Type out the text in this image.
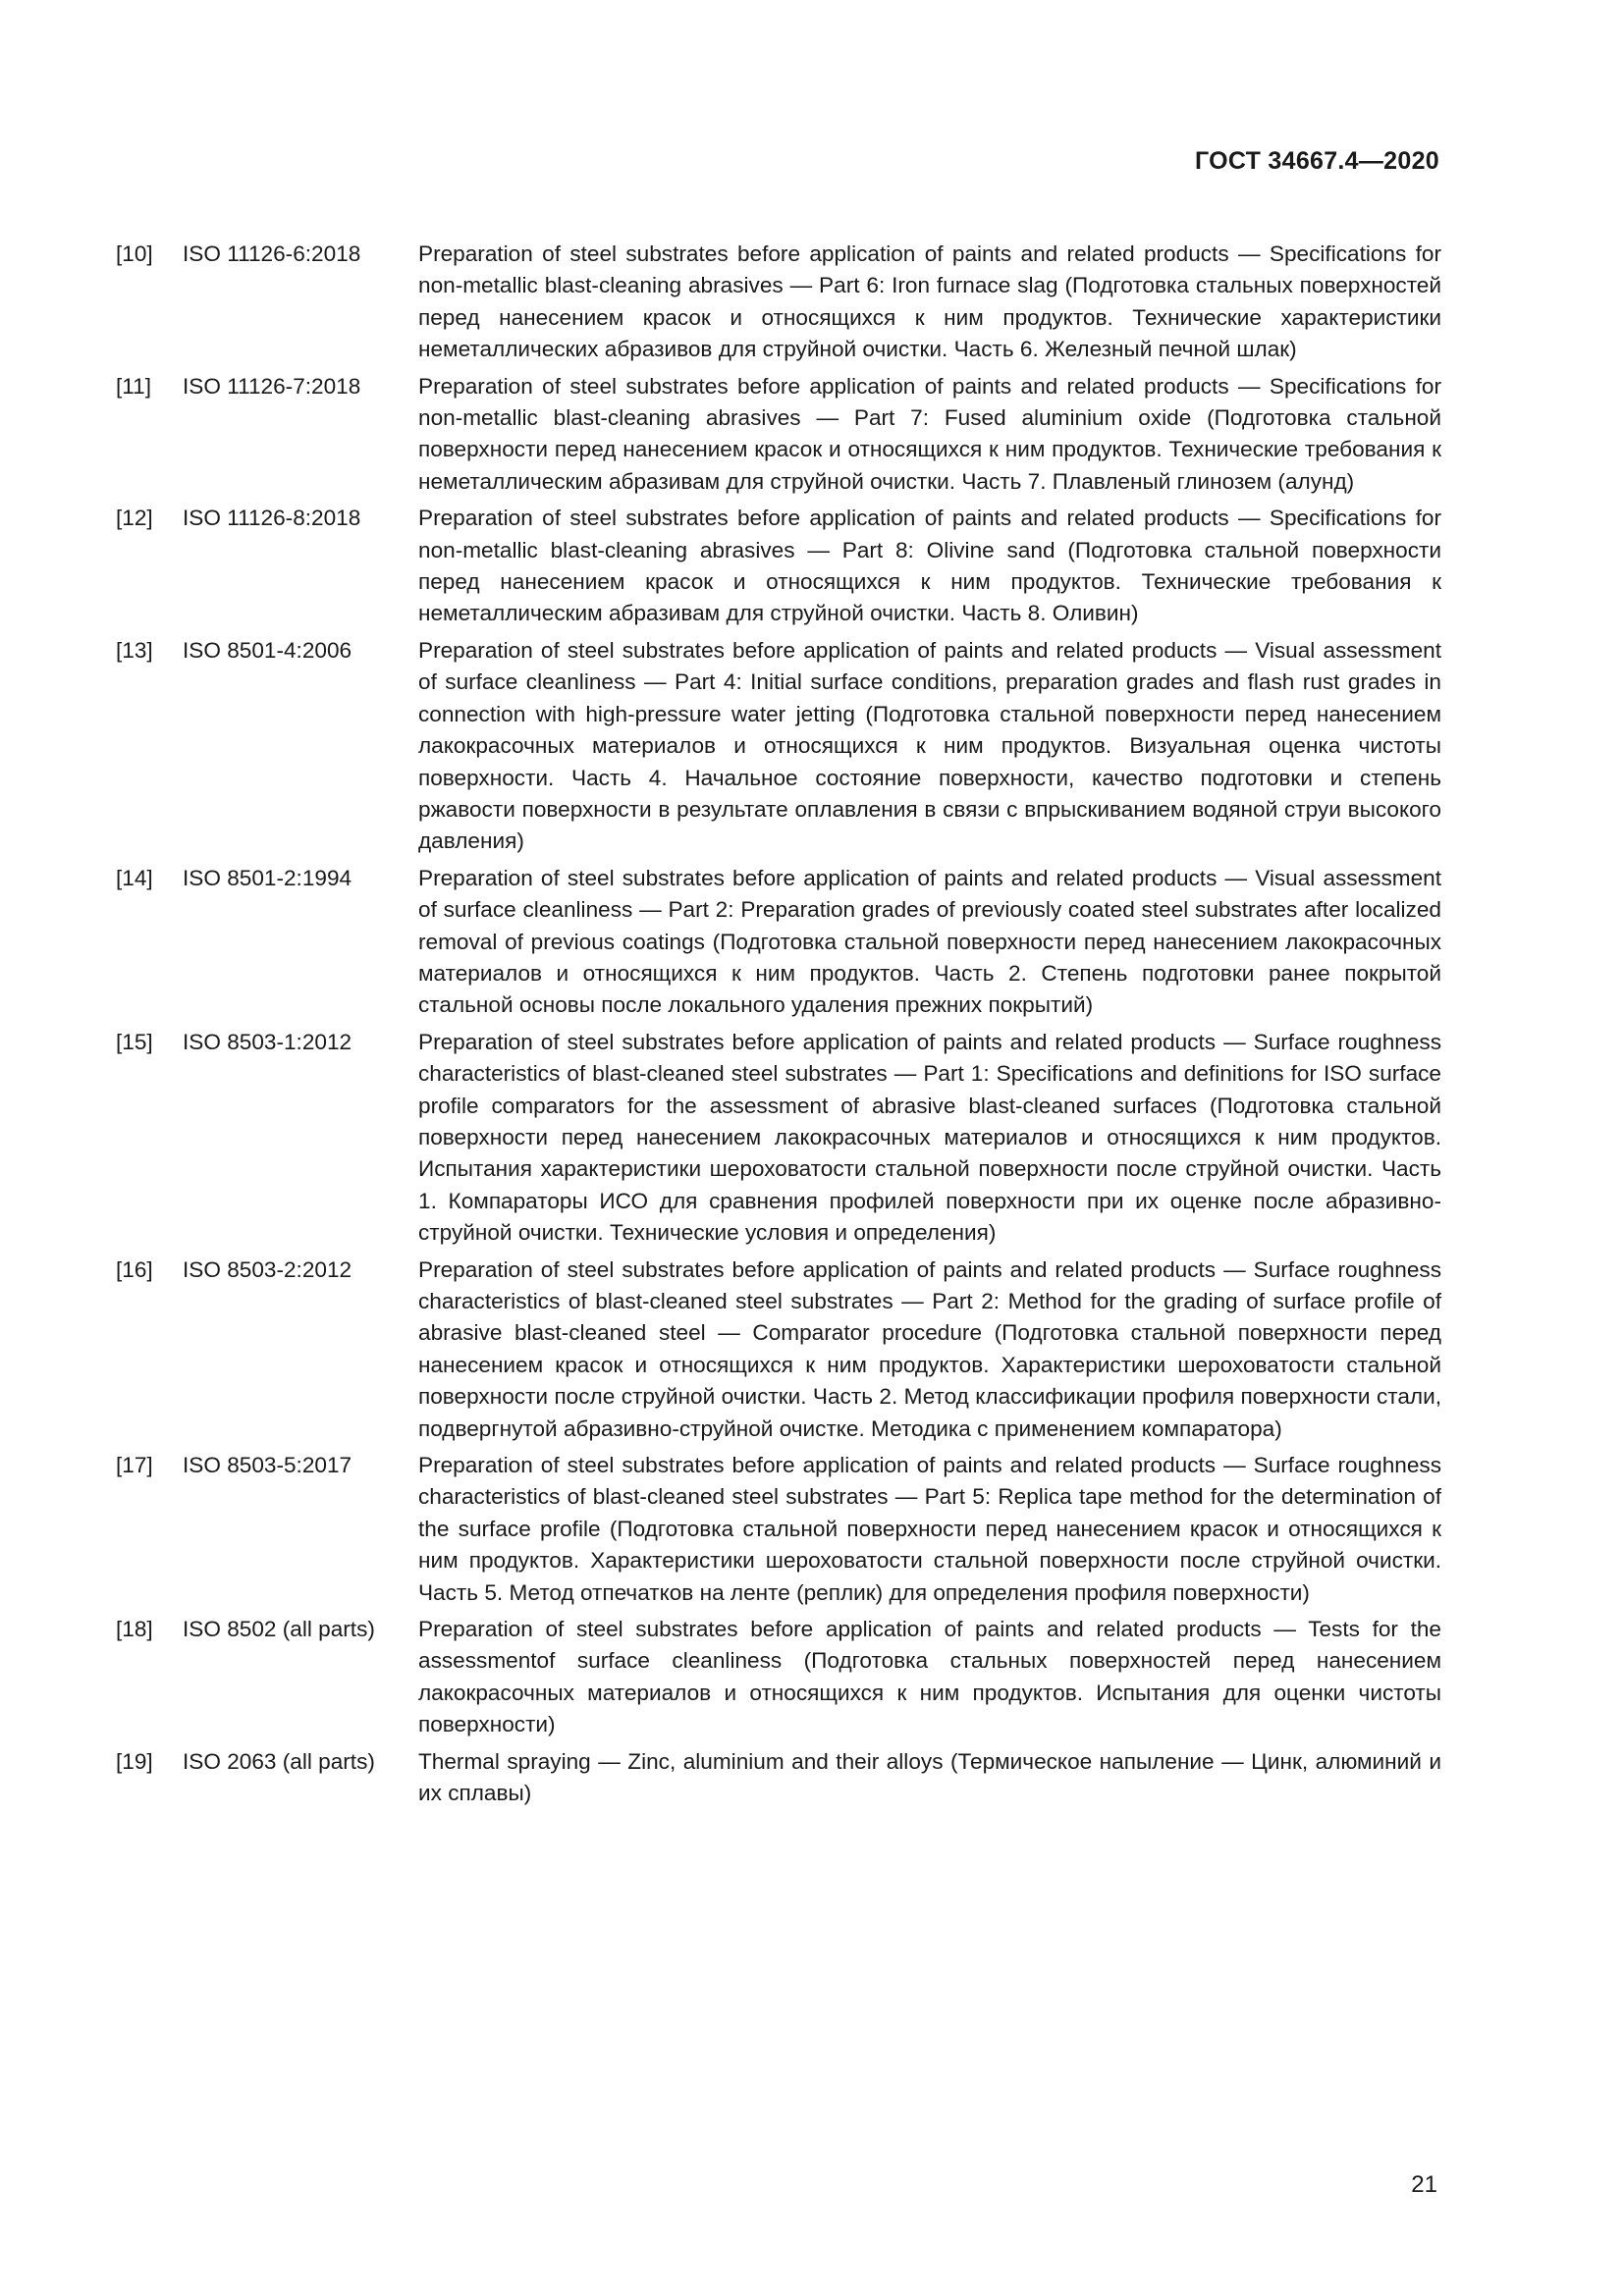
ГОСТ 34667.4—2020
[10]	ISO 11126-6:2018	Preparation of steel substrates before application of paints and related products — Specifications for non-metallic blast-cleaning abrasives — Part 6: Iron furnace slag (Подготовка стальных поверхностей перед нанесением красок и относящихся к ним продуктов. Технические характеристики неметаллических абразивов для струйной очистки. Часть 6. Железный печной шлак)
[11]	ISO 11126-7:2018	Preparation of steel substrates before application of paints and related products — Specifications for non-metallic blast-cleaning abrasives — Part 7: Fused aluminium oxide (Подготовка стальной поверхности перед нанесением красок и относящихся к ним продуктов. Технические требования к неметаллическим абразивам для струйной очистки. Часть 7. Плавленый глинозем (алунд)
[12]	ISO 11126-8:2018	Preparation of steel substrates before application of paints and related products — Specifications for non-metallic blast-cleaning abrasives — Part 8: Olivine sand (Подготовка стальной поверхности перед нанесением красок и относящихся к ним продуктов. Технические требования к неметаллическим абразивам для струйной очистки. Часть 8. Оливин)
[13]	ISO 8501-4:2006	Preparation of steel substrates before application of paints and related products — Visual assessment of surface cleanliness — Part 4: Initial surface conditions, preparation grades and flash rust grades in connection with high-pressure water jetting (Подготовка стальной поверхности перед нанесением лакокрасочных материалов и относящихся к ним продуктов. Визуальная оценка чистоты поверхности. Часть 4. Начальное состояние поверхности, качество подготовки и степень ржавости поверхности в результате оплавления в связи с впрыскиванием водяной струи высокого давления)
[14]	ISO 8501-2:1994	Preparation of steel substrates before application of paints and related products — Visual assessment of surface cleanliness — Part 2: Preparation grades of previously coated steel substrates after localized removal of previous coatings (Подготовка стальной поверхности перед нанесением лакокрасочных материалов и относящихся к ним продуктов. Часть 2. Степень подготовки ранее покрытой стальной основы после локального удаления прежних покрытий)
[15]	ISO 8503-1:2012	Preparation of steel substrates before application of paints and related products — Surface roughness characteristics of blast-cleaned steel substrates — Part 1: Specifications and definitions for ISO surface profile comparators for the assessment of abrasive blast-cleaned surfaces (Подготовка стальной поверхности перед нанесением лакокрасочных материалов и относящихся к ним продуктов. Испытания характеристики шероховатости стальной поверхности после струйной очистки. Часть 1. Компараторы ИСО для сравнения профилей поверхности при их оценке после абразивно-струйной очистки. Технические условия и определения)
[16]	ISO 8503-2:2012	Preparation of steel substrates before application of paints and related products — Surface roughness characteristics of blast-cleaned steel substrates — Part 2: Method for the grading of surface profile of abrasive blast-cleaned steel — Comparator procedure (Подготовка стальной поверхности перед нанесением красок и относящихся к ним продуктов. Характеристики шероховатости стальной поверхности после струйной очистки. Часть 2. Метод классификации профиля поверхности стали, подвергнутой абразивно-струйной очистке. Методика с применением компаратора)
[17]	ISO 8503-5:2017	Preparation of steel substrates before application of paints and related products — Surface roughness characteristics of blast-cleaned steel substrates — Part 5: Replica tape method for the determination of the surface profile (Подготовка стальной поверхности перед нанесением красок и относящихся к ним продуктов. Характеристики шероховатости стальной поверхности после струйной очистки. Часть 5. Метод отпечатков на ленте (реплик) для определения профиля поверхности)
[18]	ISO 8502 (all parts)	Preparation of steel substrates before application of paints and related products — Tests for the assessmentof surface cleanliness (Подготовка стальных поверхностей перед нанесением лакокрасочных материалов и относящихся к ним продуктов. Испытания для оценки чистоты поверхности)
[19]	ISO 2063 (all parts)	Thermal spraying — Zinc, aluminium and their alloys (Термическое напыление — Цинк, алюминий и их сплавы)
21
